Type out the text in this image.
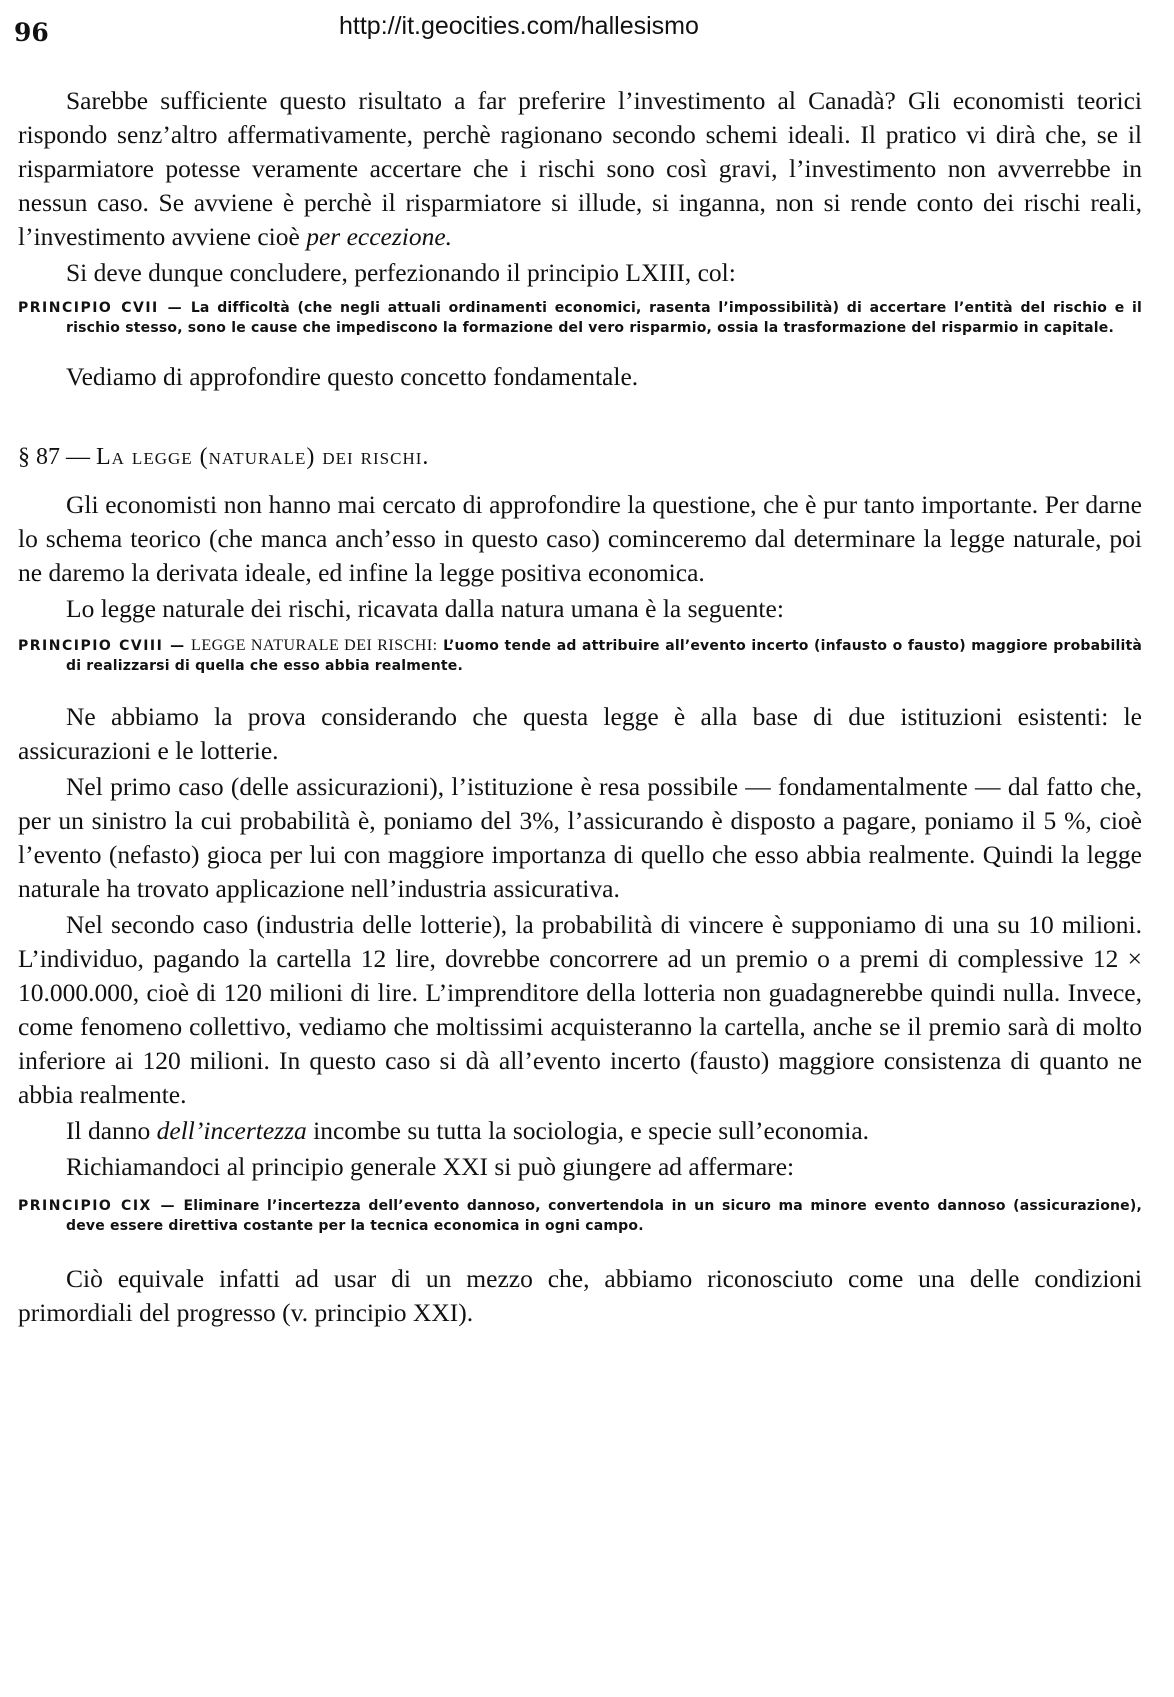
96	http://it.geocities.com/hallesismo

Sarebbe sufficiente questo risultato a far preferire l’investimento al Canadà? Gli economisti teorici rispondo senz’altro affermativamente, perchè ragionano secondo schemi ideali. Il pratico vi dirà che, se il risparmiatore potesse veramente accertare che i rischi sono così gravi, l’investimento non avverrebbe in nessun caso. Se avviene è perchè il risparmiatore si illude, si inganna, non si rende conto dei rischi reali, l’investimento avviene cioè per eccezione.

Si deve dunque concludere, perfezionando il principio LXIII, col:

PRINCIPIO CVII — La difficoltà (che negli attuali ordinamenti economici, rasenta l’impossibilità) di accertare l’entità del rischio e il rischio stesso, sono le cause che impediscono la formazione del vero risparmio, ossia la trasformazione del risparmio in capitale.

Vediamo di approfondire questo concetto fondamentale.

§ 87 — La legge (naturale) dei rischi.

Gli economisti non hanno mai cercato di approfondire la questione, che è pur tanto importante. Per darne lo schema teorico (che manca anch’esso in questo caso) cominceremo dal determinare la legge naturale, poi ne daremo la derivata ideale, ed infine la legge positiva economica.

Lo legge naturale dei rischi, ricavata dalla natura umana è la seguente:

PRINCIPIO CVIII — LEGGE NATURALE DEI RISCHI: L’uomo tende ad attribuire all’evento incerto (infausto o fausto) maggiore probabilità di realizzarsi di quella che esso abbia realmente.

Ne abbiamo la prova considerando che questa legge è alla base di due istituzioni esistenti: le assicurazioni e le lotterie.

Nel primo caso (delle assicurazioni), l’istituzione è resa possibile — fondamentalmente — dal fatto che, per un sinistro la cui probabilità è, poniamo del 3%, l’assicurando è disposto a pagare, poniamo il 5 %, cioè l’evento (nefasto) gioca per lui con maggiore importanza di quello che esso abbia realmente. Quindi la legge naturale ha trovato applicazione nell’industria assicurativa.

Nel secondo caso (industria delle lotterie), la probabilità di vincere è supponiamo di una su 10 milioni. L’individuo, pagando la cartella 12 lire, dovrebbe concorrere ad un premio o a premi di complessive 12 × 10.000.000, cioè di 120 milioni di lire. L’imprenditore della lotteria non guadagnerebbe quindi nulla. Invece, come fenomeno collettivo, vediamo che moltissimi acquisteranno la cartella, anche se il premio sarà di molto inferiore ai 120 milioni. In questo caso si dà all’evento incerto (fausto) maggiore consistenza di quanto ne abbia realmente.

Il danno dell’incertezza incombe su tutta la sociologia, e specie sull’economia.

Richiamandoci al principio generale XXI si può giungere ad affermare:

PRINCIPIO CIX — Eliminare l’incertezza dell’evento dannoso, convertendola in un sicuro ma minore evento dannoso (assicurazione), deve essere direttiva costante per la tecnica economica in ogni campo.

Ciò equivale infatti ad usar di un mezzo che, abbiamo riconosciuto come una delle condizioni primordiali del progresso (v. principio XXI).
